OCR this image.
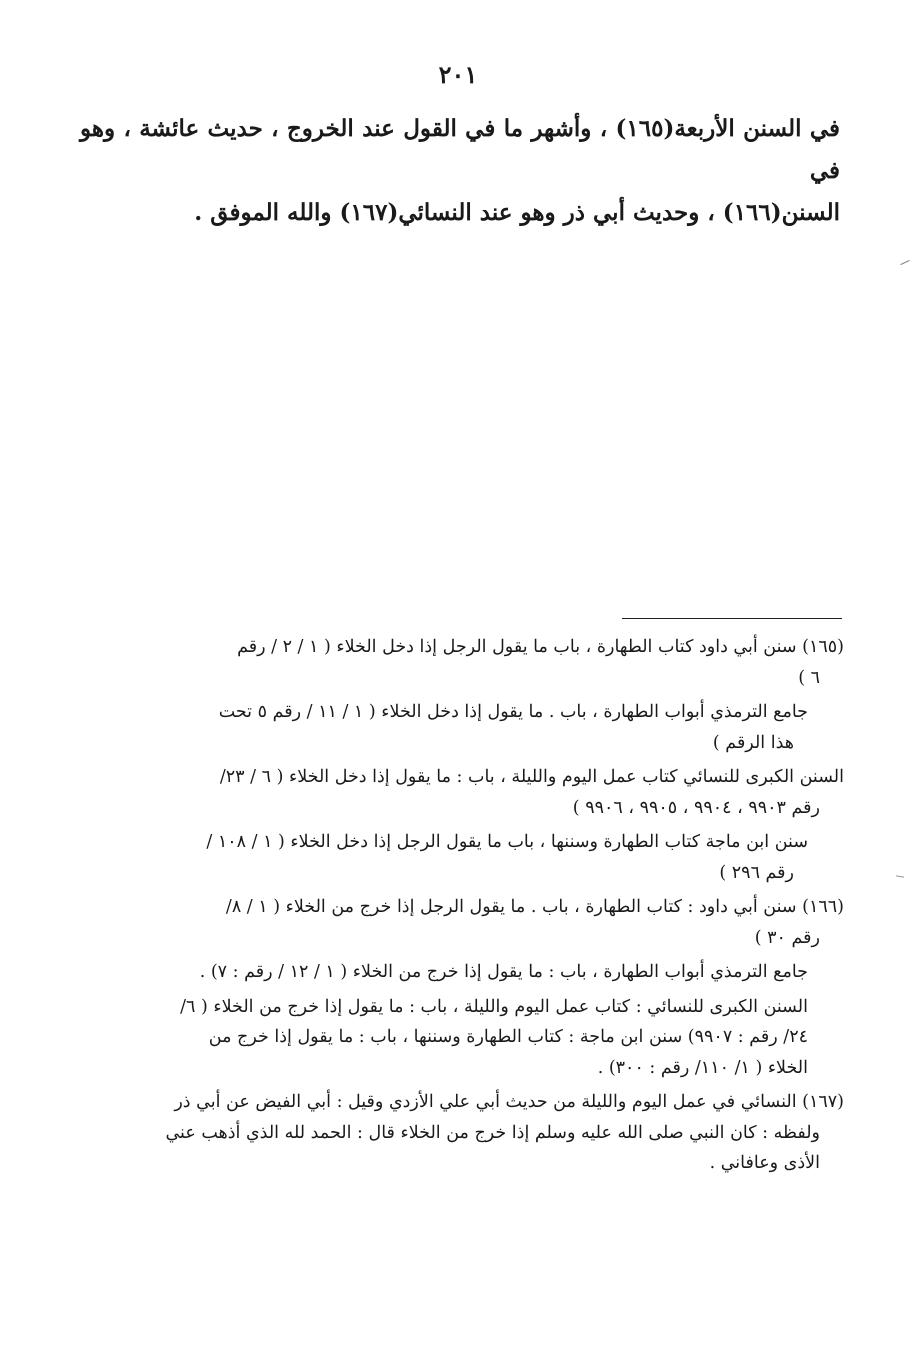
٢٠١
في السنن الأربعة(١٦٥) ، وأشهر ما في القول عند الخروج ، حديث عائشة ، وهو في
السنن(١٦٦) ، وحديث أبي ذر وهو عند النسائي(١٦٧) والله الموفق .
(١٦٥) سنن أبي داود كتاب الطهارة ، باب ما يقول الرجل إذا دخل الخلاء ( ١ / ٢ / رقم
٦ )
جامع الترمذي أبواب الطهارة ، باب . ما يقول إذا دخل الخلاء ( ١ / ١١ / رقم ٥ تحت
هذا الرقم )
السنن الكبرى للنسائي كتاب عمل اليوم والليلة ، باب : ما يقول إذا دخل الخلاء ( ٦ / ٢٣/
رقم ٩٩٠٣ ، ٩٩٠٤ ، ٩٩٠٥ ، ٩٩٠٦ )
سنن ابن ماجة كتاب الطهارة وسننها ، باب ما يقول الرجل إذا دخل الخلاء ( ١ / ١٠٨ /
رقم ٢٩٦ )
(١٦٦) سنن أبي داود : كتاب الطهارة ، باب . ما يقول الرجل إذا خرج من الخلاء ( ١ / ٨/
رقم ٣٠ )
جامع الترمذي أبواب الطهارة ، باب : ما يقول إذا خرج من الخلاء ( ١ / ١٢ / رقم : ٧) .
السنن الكبرى للنسائي : كتاب عمل اليوم والليلة ، باب : ما يقول إذا خرج من الخلاء ( ٦/
٢٤/ رقم : ٩٩٠٧) سنن ابن ماجة : كتاب الطهارة وسننها ، باب : ما يقول إذا خرج من
الخلاء ( ١/ ١١٠/ رقم : ٣٠٠) .
(١٦٧) النسائي في عمل اليوم والليلة من حديث أبي علي الأزدي وقيل : أبي الفيض عن أبي ذر
ولفظه : كان النبي صلى الله عليه وسلم إذا خرج من الخلاء قال : الحمد لله الذي أذهب عني
الأذى وعافاني .
